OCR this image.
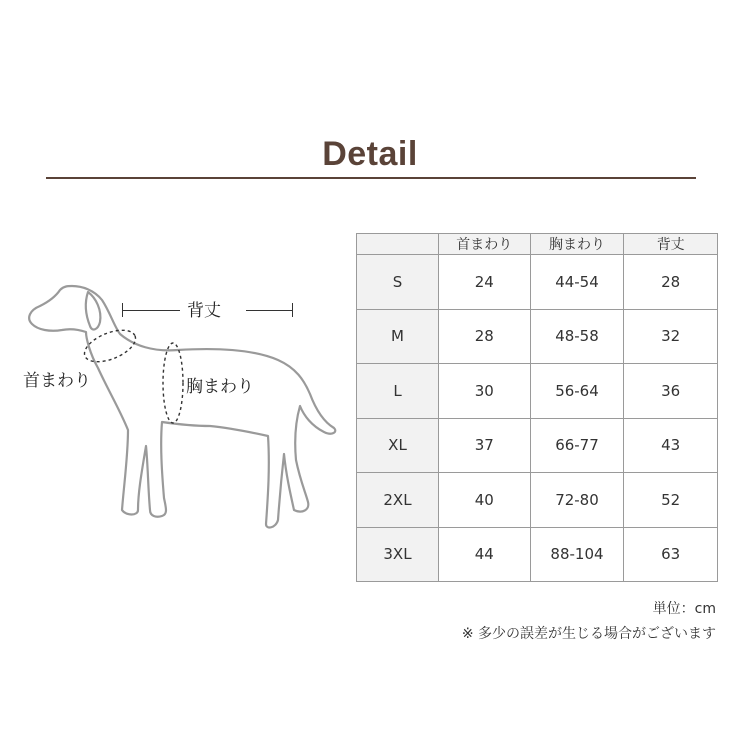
Detail
背丈
首まわり	胸まわり
	首まわり	胸まわり	背丈
S	24	44-54	28
M	28	48-58	32
L	30	56-64	36
XL	37	66-77	43
2XL	40	72-80	52
3XL	44	88-104	63
単位：cm
※ 多少の誤差が生じる場合がございます
